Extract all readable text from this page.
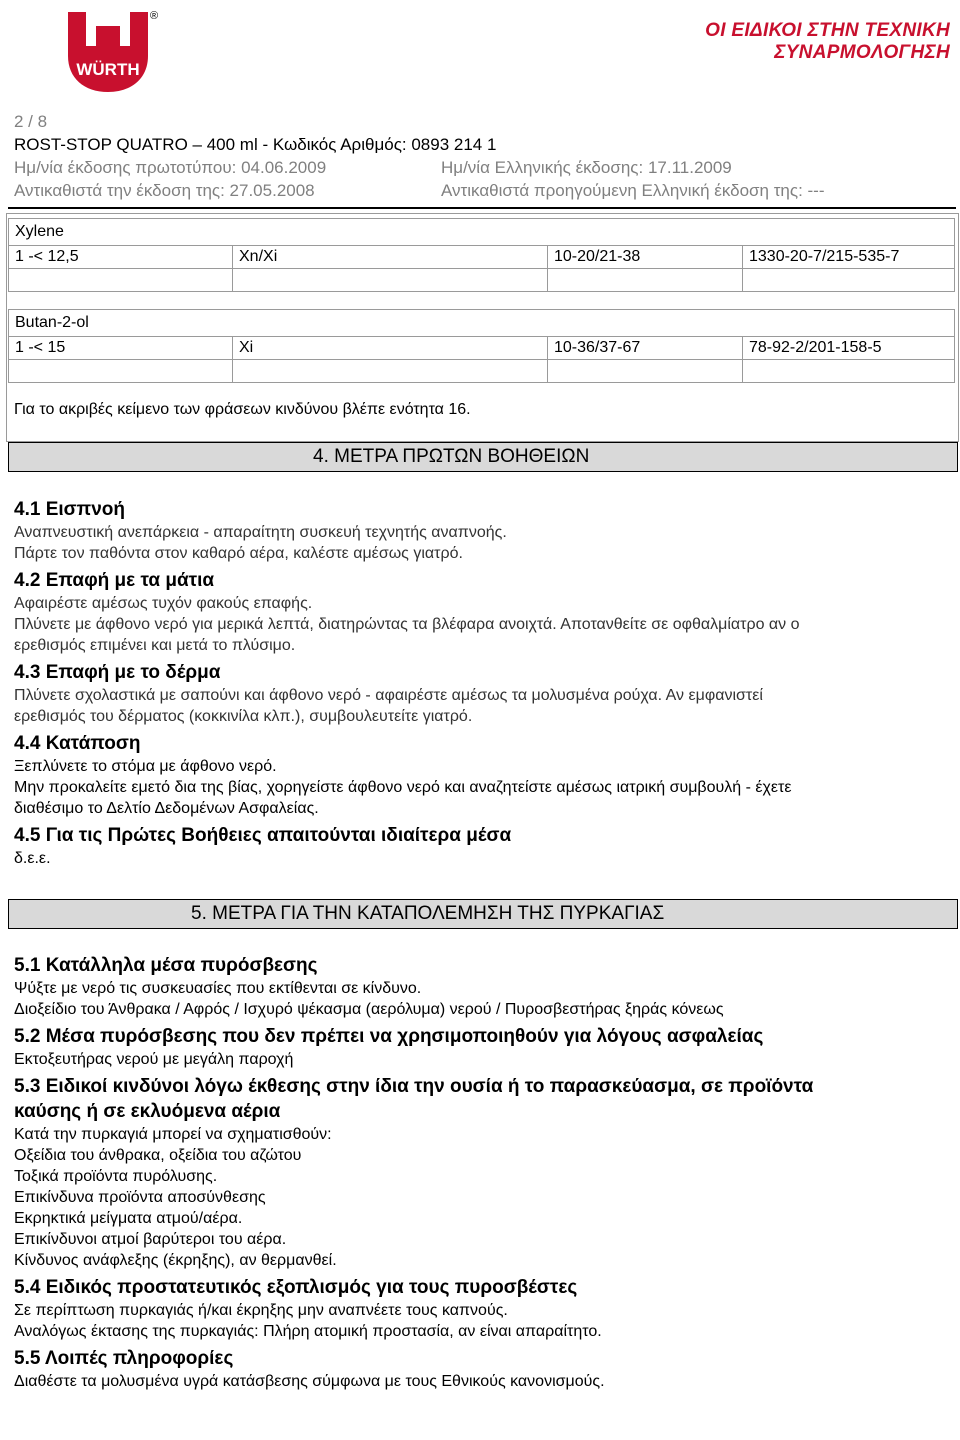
WÜRTH
®
ΟΙ ΕΙΔΙΚΟΙ ΣΤΗΝ ΤΕΧΝΙΚΗ
ΣΥΝΑΡΜΟΛΟΓΗΣΗ
2 / 8
ROST-STOP QUATRO – 400 ml - Κωδικός Αριθμός: 0893 214 1
Ημ/νία έκδοσης πρωτοτύπου: 04.06.2009	Ημ/νία Ελληνικής έκδοσης: 17.11.2009
Αντικαθιστά την έκδοση της: 27.05.2008	Αντικαθιστά προηγούμενη Ελληνική έκδοση της: ---
Xylene			
1 -< 12,5	Xn/Xi	10-20/21-38	1330-20-7/215-535-7

Butan-2-ol			
1 -< 15	Xi	10-36/37-67	78-92-2/201-158-5

Για το ακριβές κείμενο των φράσεων κινδύνου βλέπε ενότητα 16.
4. ΜΕΤΡΑ ΠΡΩΤΩΝ ΒΟΗΘΕΙΩΝ
4.1 Εισπνοή
Αναπνευστική ανεπάρκεια - απαραίτητη συσκευή τεχνητής αναπνοής.
Πάρτε τον παθόντα στον καθαρό αέρα, καλέστε αμέσως γιατρό.
4.2 Επαφή με τα μάτια
Αφαιρέστε αμέσως τυχόν φακούς επαφής.
Πλύνετε με άφθονο νερό για μερικά λεπτά, διατηρώντας τα βλέφαρα ανοιχτά. Αποτανθείτε σε οφθαλμίατρο αν ο
ερεθισμός επιμένει και μετά το πλύσιμο.
4.3 Επαφή με το δέρμα
Πλύνετε σχολαστικά με σαπούνι και άφθονο νερό - αφαιρέστε αμέσως τα μολυσμένα ρούχα. Αν εμφανιστεί
ερεθισμός του δέρματος (κοκκινίλα κλπ.), συμβουλευτείτε γιατρό.
4.4 Κατάποση
Ξεπλύνετε το στόμα με άφθονο νερό.
Μην προκαλείτε εμετό δια της βίας, χορηγείστε άφθονο νερό και αναζητείστε αμέσως ιατρική συμβουλή - έχετε
διαθέσιμο το Δελτίο Δεδομένων Ασφαλείας.
4.5 Για τις Πρώτες Βοήθειες απαιτούνται ιδιαίτερα μέσα
δ.ε.ε.
5. ΜΕΤΡΑ ΓΙΑ ΤΗΝ ΚΑΤΑΠΟΛΕΜΗΣΗ ΤΗΣ ΠΥΡΚΑΓΙΑΣ
5.1 Κατάλληλα μέσα πυρόσβεσης
Ψύξτε με νερό τις συσκευασίες που εκτίθενται σε κίνδυνο.
Διοξείδιο του Άνθρακα / Αφρός / Ισχυρό ψέκασμα (αερόλυμα) νερού / Πυροσβεστήρας ξηράς κόνεως
5.2 Μέσα πυρόσβεσης που δεν πρέπει να χρησιμοποιηθούν για λόγους ασφαλείας
Εκτοξευτήρας νερού με μεγάλη παροχή
5.3 Ειδικοί κινδύνοι λόγω έκθεσης στην ίδια την ουσία ή το παρασκεύασμα, σε προϊόντα
καύσης ή σε εκλυόμενα αέρια
Κατά την πυρκαγιά μπορεί να σχηματισθούν:
Οξείδια του άνθρακα, οξείδια του αζώτου
Τοξικά προϊόντα πυρόλυσης.
Επικίνδυνα προϊόντα αποσύνθεσης
Εκρηκτικά μείγματα ατμού/αέρα.
Επικίνδυνοι ατμοί βαρύτεροι του αέρα.
Κίνδυνος ανάφλεξης (έκρηξης), αν θερμανθεί.
5.4 Ειδικός προστατευτικός εξοπλισμός για τους πυροσβέστες
Σε περίπτωση πυρκαγιάς ή/και έκρηξης μην αναπνέετε τους καπνούς.
Αναλόγως έκτασης της πυρκαγιάς: Πλήρη ατομική προστασία, αν είναι απαραίτητο.
5.5 Λοιπές πληροφορίες
Διαθέστε τα μολυσμένα υγρά κατάσβεσης σύμφωνα με τους Εθνικούς κανονισμούς.
